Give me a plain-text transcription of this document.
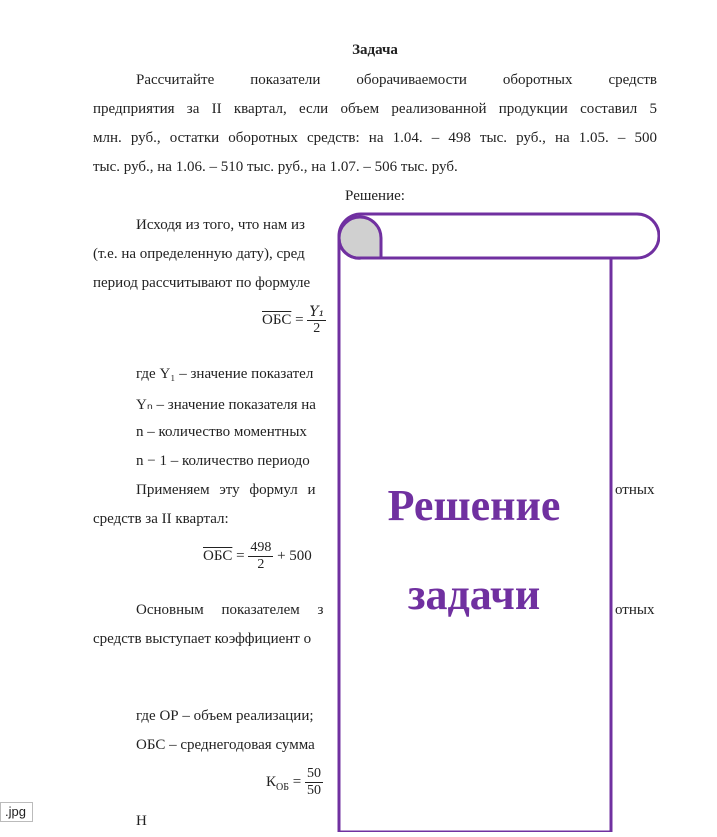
Задача
Рассчитайте показатели оборачиваемости оборотных средств
предприятия за II квартал, если объем реализованной продукции составил 5
млн. руб., остатки оборотных средств: на 1.04. – 498 тыс. руб., на 1.05. – 500
тыс. руб., на 1.06. – 510 тыс. руб., на 1.07. – 506 тыс. руб.
Решение:
Исходя из того, что нам из
(т.е. на определенную дату), сред
период рассчитывают по формуле
ОБС = $\frac{\text{Y₁}}{2}$
где Y₁ – значение показател
Yₙ – значение показателя на
n – количество моментных
n − 1 – количество периодо
Применяем эту формул и	отных
средств за II квартал:
ОБС = $\frac{498}{2} + 500$
Основным показателем з	отных
средств выступает коэффициент о
где ОР – объем реализации;
ОБС – среднегодовая сумма
$К_{ОБ} = \frac{50}{50}$
Н
Решение
задачи
.jpg
